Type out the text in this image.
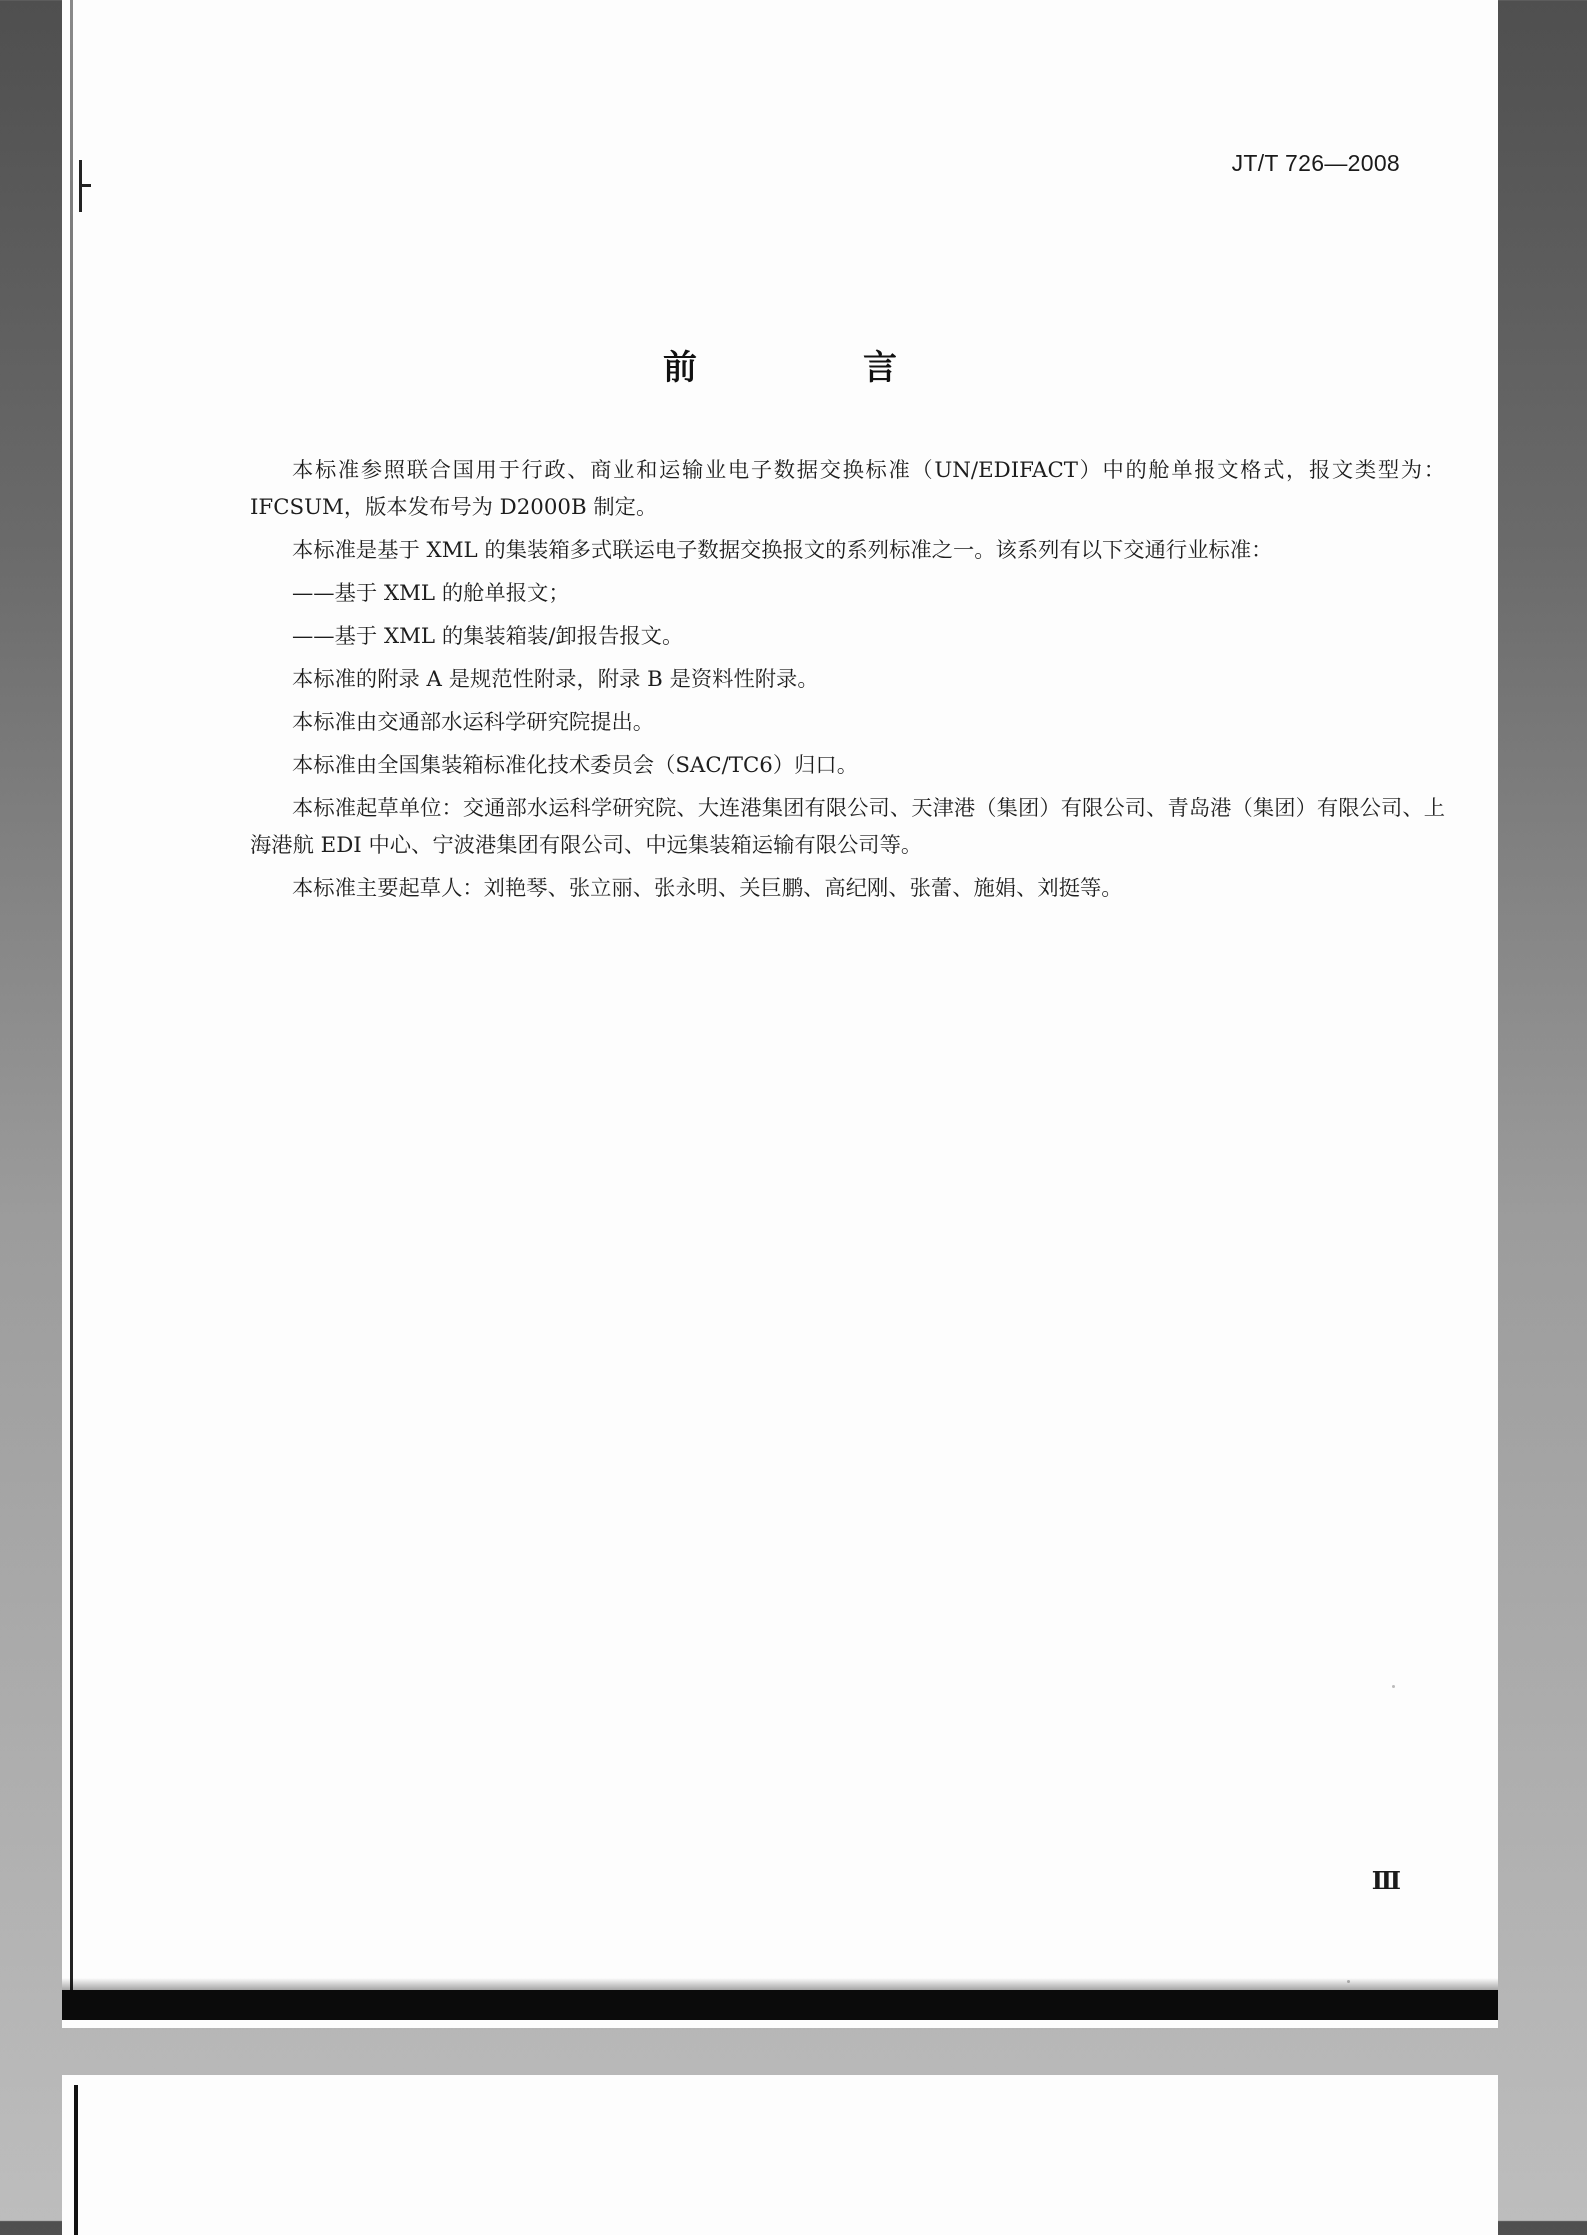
JT/T 726—2008
前　言

本标准参照联合国用于行政、商业和运输业电子数据交换标准（UN/EDIFACT）中的舱单报文格式，报文类型为：IFCSUM，版本发布号为 D2000B 制定。

本标准是基于 XML 的集装箱多式联运电子数据交换报文的系列标准之一。该系列有以下交通行业标准：

——基于 XML 的舱单报文；

——基于 XML 的集装箱装/卸报告报文。

本标准的附录 A 是规范性附录，附录 B 是资料性附录。

本标准由交通部水运科学研究院提出。

本标准由全国集装箱标准化技术委员会（SAC/TC6）归口。

本标准起草单位：交通部水运科学研究院、大连港集团有限公司、天津港（集团）有限公司、青岛港（集团）有限公司、上海港航 EDI 中心、宁波港集团有限公司、中远集装箱运输有限公司等。

本标准主要起草人：刘艳琴、张立丽、张永明、关巨鹏、高纪刚、张蕾、施娟、刘挺等。

Ⅲ
